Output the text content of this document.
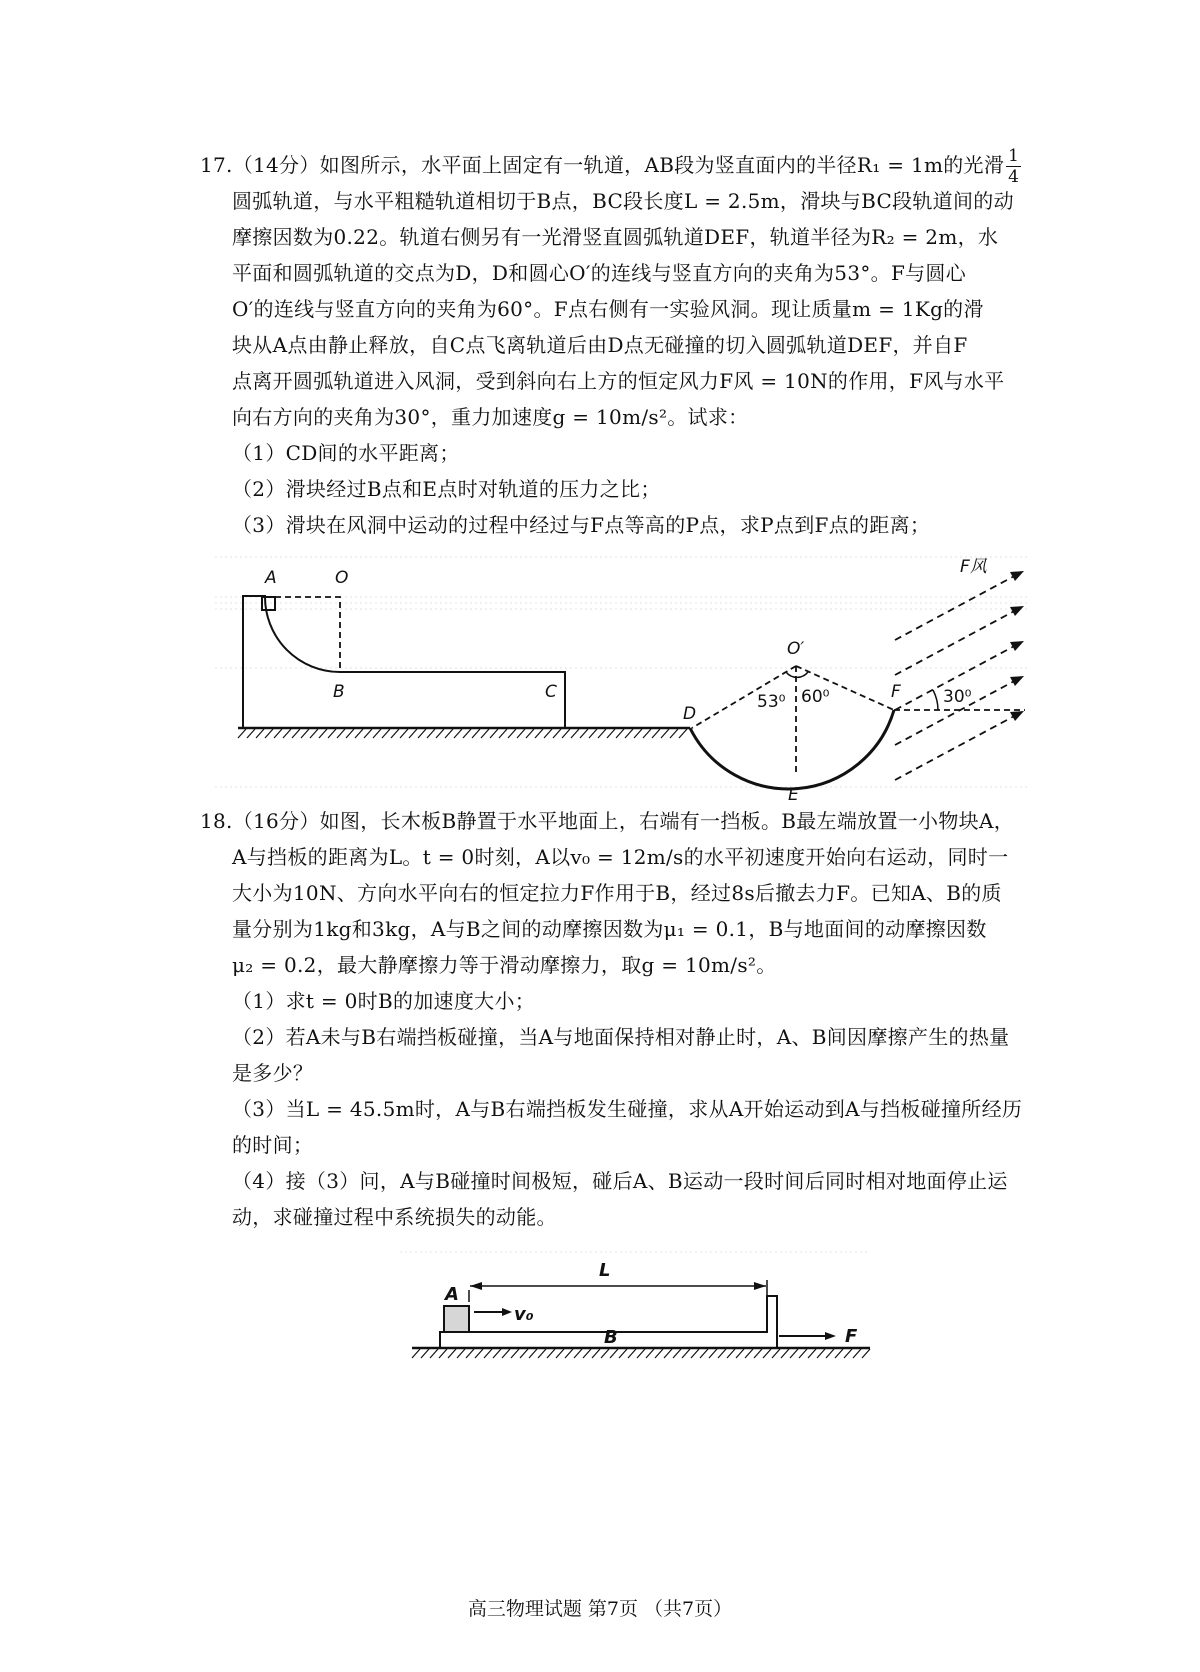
17.（14分）如图所示，水平面上固定有一轨道，AB段为竖直面内的半径R₁ = 1m的光滑 $\frac{1}{4}$
圆弧轨道，与水平粗糙轨道相切于B点，BC段长度L = 2.5m，滑块与BC段轨道间的动
摩擦因数为0.22。轨道右侧另有一光滑竖直圆弧轨道DEF，轨道半径为R₂ = 2m，水
平面和圆弧轨道的交点为D，D和圆心O′的连线与竖直方向的夹角为53°。F与圆心
O′的连线与竖直方向的夹角为60°。F点右侧有一实验风洞。现让质量m = 1Kg的滑
块从A点由静止释放，自C点飞离轨道后由D点无碰撞的切入圆弧轨道DEF，并自F
点离开圆弧轨道进入风洞，受到斜向右上方的恒定风力F风 = 10N的作用，F风与水平
向右方向的夹角为30°，重力加速度g = 10m/s²。试求：
（1）CD间的水平距离；
（2）滑块经过B点和E点时对轨道的压力之比；
（3）滑块在风洞中运动的过程中经过与F点等高的P点，求P点到F点的距离；
A	O
B	C
D
E
F
O′
53⁰ 60⁰	30⁰
F风
18.（16分）如图，长木板B静置于水平地面上，右端有一挡板。B最左端放置一小物块A，
A与挡板的距离为L。t = 0时刻，A以v₀ = 12m/s的水平初速度开始向右运动，同时一
大小为10N、方向水平向右的恒定拉力F作用于B，经过8s后撤去力F。已知A、B的质
量分别为1kg和3kg，A与B之间的动摩擦因数为μ₁ = 0.1，B与地面间的动摩擦因数
μ₂ = 0.2，最大静摩擦力等于滑动摩擦力，取g = 10m/s²。
（1）求t = 0时B的加速度大小；
（2）若A未与B右端挡板碰撞，当A与地面保持相对静止时，A、B间因摩擦产生的热量
是多少？
（3）当L = 45.5m时，A与B右端挡板发生碰撞，求从A开始运动到A与挡板碰撞所经历
的时间；
（4）接（3）问，A与B碰撞时间极短，碰后A、B运动一段时间后同时相对地面停止运
动，求碰撞过程中系统损失的动能。
A
L
v₀
B	F
高三物理试题 第7页 （共7页）
